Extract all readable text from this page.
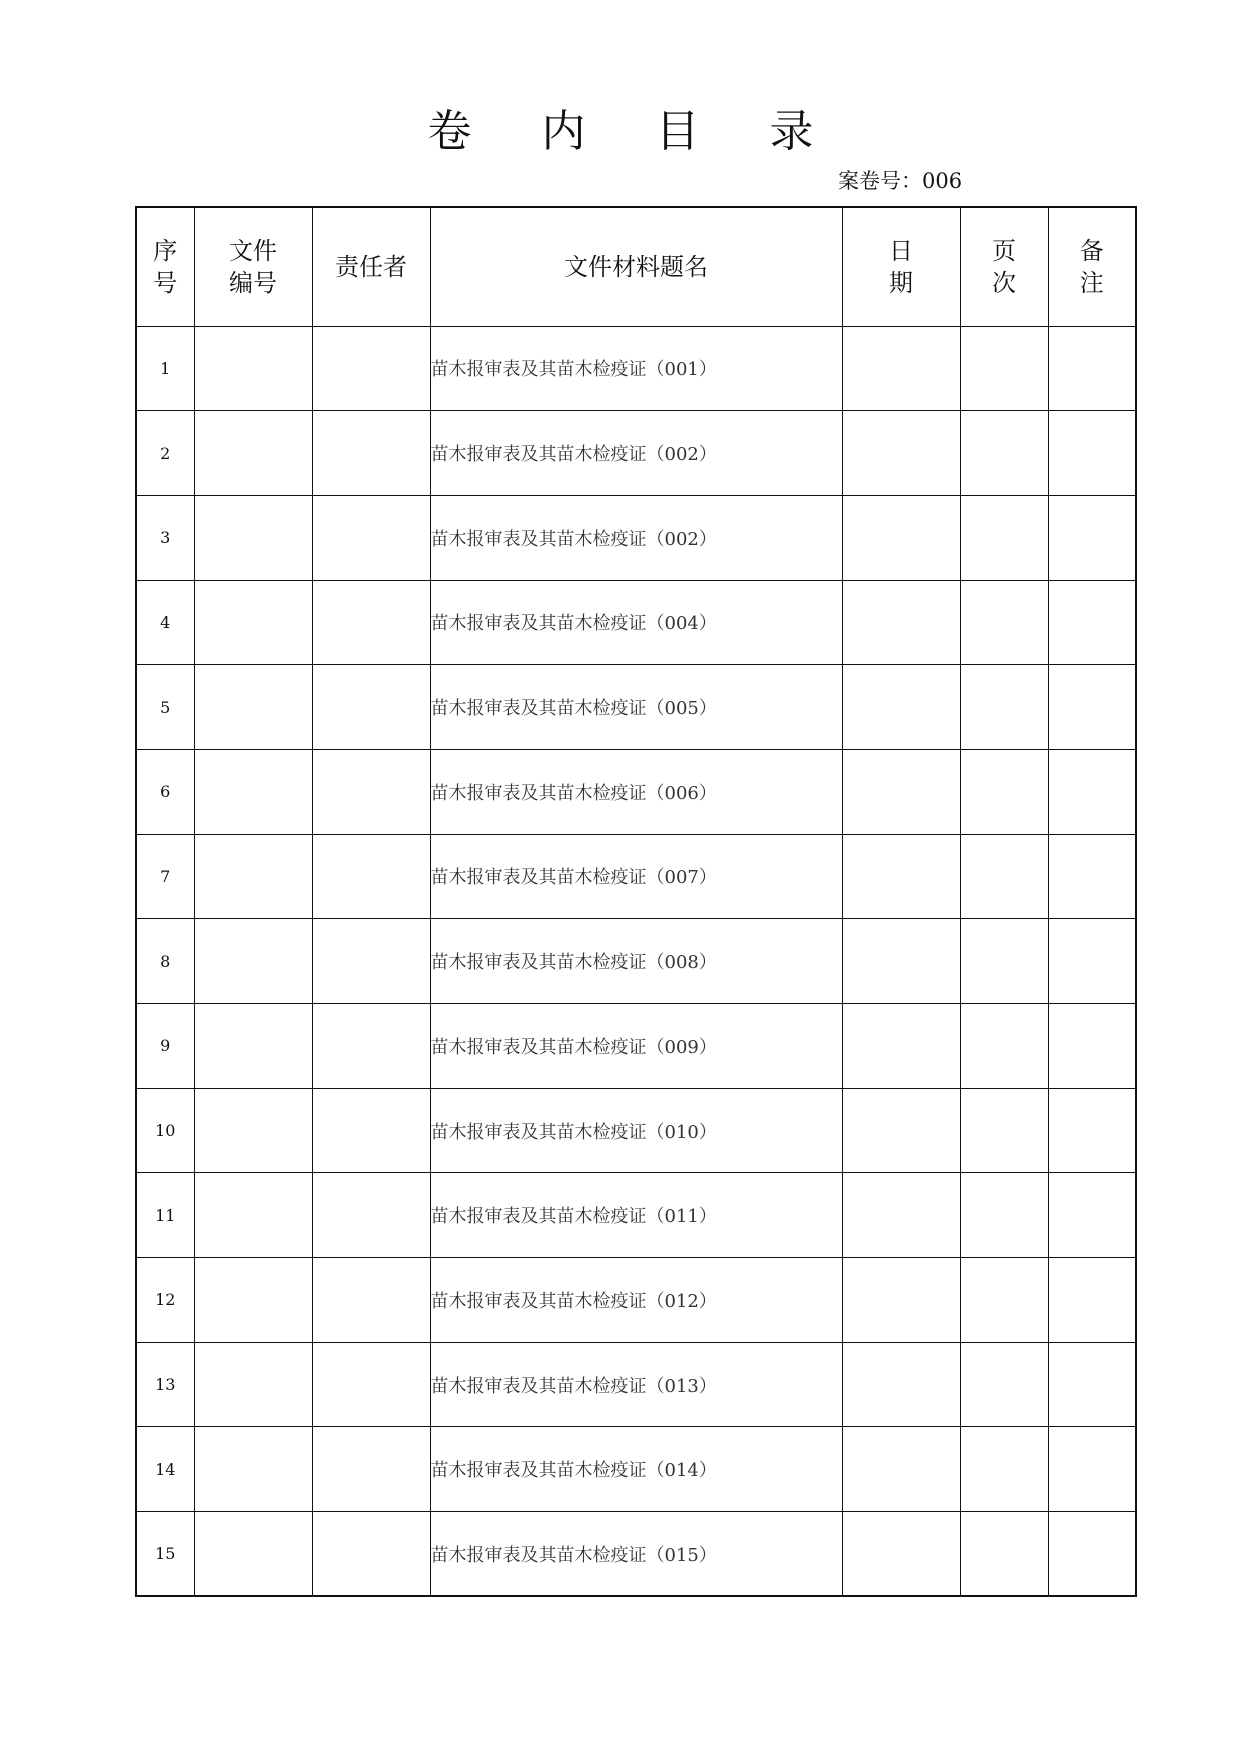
卷 内 目 录
案卷号：006
序号	文件编号	责任者	文件材料题名	日期	页次	备注
1			苗木报审表及其苗木检疫证（001）			
2			苗木报审表及其苗木检疫证（002）			
3			苗木报审表及其苗木检疫证（002）			
4			苗木报审表及其苗木检疫证（004）			
5			苗木报审表及其苗木检疫证（005）			
6			苗木报审表及其苗木检疫证（006）			
7			苗木报审表及其苗木检疫证（007）			
8			苗木报审表及其苗木检疫证（008）			
9			苗木报审表及其苗木检疫证（009）			
10			苗木报审表及其苗木检疫证（010）			
11			苗木报审表及其苗木检疫证（011）			
12			苗木报审表及其苗木检疫证（012）			
13			苗木报审表及其苗木检疫证（013）			
14			苗木报审表及其苗木检疫证（014）			
15			苗木报审表及其苗木检疫证（015）			
